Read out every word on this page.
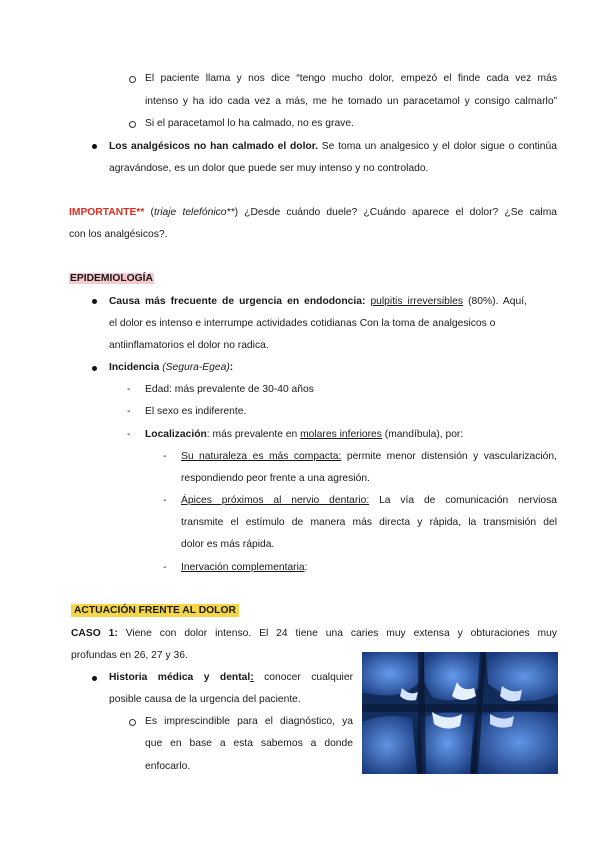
El paciente llama y nos dice “tengo mucho dolor, empezó el finde cada vez más
intenso y ha ido cada vez a más, me he tomado un paracetamol y consigo calmarlo”
Si el paracetamol lo ha calmado, no es grave.
Los analgésicos no han calmado el dolor. Se toma un analgesico y el dolor sigue o continúa
agravándose, es un dolor que puede ser muy intenso y no controlado.
IMPORTANTE** (triaje telefónico**) ¿Desde cuándo duele? ¿Cuándo aparece el dolor? ¿Se calma
con los analgésicos?.
EPIDEMIOLOGÍA
Causa más frecuente de urgencia en endodoncia: pulpitis irreversibles (80%). Aquí,
el dolor es intenso e interrumpe actividades cotidianas Con la toma de analgesicos o
antiinflamatorios el dolor no radica.
Incidencia (Segura-Egea):
- Edad: más prevalente de 30-40 años
- El sexo es indiferente.
- Localización: más prevalente en molares inferiores (mandíbula), por:
- Su naturaleza es más compacta: permite menor distensión y vascularización,
respondiendo peor frente a una agresión.
- Ápices próximos al nervio dentario: La vía de comunicación nerviosa
transmite el estímulo de manera más directa y rápida, la transmisión del
dolor es más rápida.
- Inervación complementaria:
ACTUACIÓN FRENTE AL DOLOR
CASO 1: Viene con dolor intenso. El 24 tiene una caries muy extensa y obturaciones muy
profundas en 26, 27 y 36.
Historia médica y dental: conocer cualquier
posible causa de la urgencia del paciente.
Es imprescindible para el diagnóstico, ya
que en base a esta sabemos a donde
enfocarlo.
